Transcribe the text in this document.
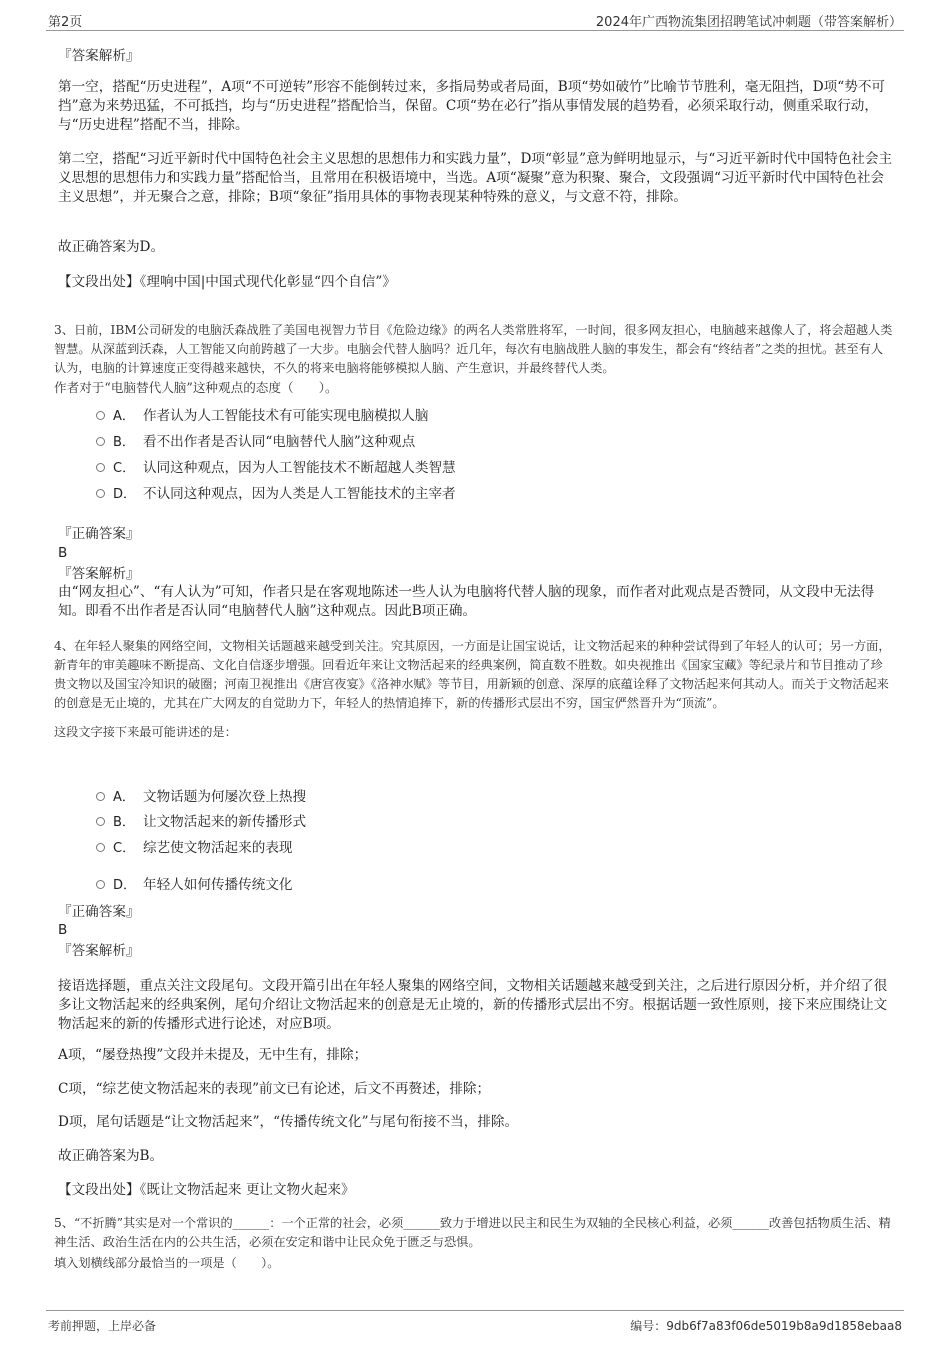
第2页	2024年广西物流集团招聘笔试冲刺题（带答案解析）
『答案解析』

第一空，搭配“历史进程”，A项“不可逆转”形容不能倒转过来，多指局势或者局面，B项“势如破竹”比喻节节胜利，毫无阻挡，D项“势不可挡”意为来势迅猛，不可抵挡，均与“历史进程”搭配恰当，保留。C项“势在必行”指从事情发展的趋势看，必须采取行动，侧重采取行动，与“历史进程”搭配不当，排除。

第二空，搭配“习近平新时代中国特色社会主义思想的思想伟力和实践力量”，D项“彰显”意为鲜明地显示，与“习近平新时代中国特色社会主义思想的思想伟力和实践力量”搭配恰当，且常用在积极语境中，当选。A项“凝聚”意为积聚、聚合，文段强调“习近平新时代中国特色社会主义思想”，并无聚合之意，排除；B项“象征”指用具体的事物表现某种特殊的意义，与文意不符，排除。

故正确答案为D。

【文段出处】《理响中国|中国式现代化彰显“四个自信”》

3、日前，IBM公司研发的电脑沃森战胜了美国电视智力节目《危险边缘》的两名人类常胜将军，一时间，很多网友担心，电脑越来越像人了，将会超越人类智慧。从深蓝到沃森，人工智能又向前跨越了一大步。电脑会代替人脑吗？近几年，每次有电脑战胜人脑的事发生，都会有“终结者”之类的担忧。甚至有人认为，电脑的计算速度正变得越来越快，不久的将来电脑将能够模拟人脑、产生意识，并最终替代人类。

作者对于“电脑替代人脑”这种观点的态度（　　）。

A． 作者认为人工智能技术有可能实现电脑模拟人脑
B． 看不出作者是否认同“电脑替代人脑”这种观点
C． 认同这种观点，因为人工智能技术不断超越人类智慧
D． 不认同这种观点，因为人类是人工智能技术的主宰者
『正确答案』
B
『答案解析』

由“网友担心”、“有人认为”可知，作者只是在客观地陈述一些人认为电脑将代替人脑的现象，而作者对此观点是否赞同，从文段中无法得知。即看不出作者是否认同“电脑替代人脑”这种观点。因此B项正确。

4、在年轻人聚集的网络空间，文物相关话题越来越受到关注。究其原因，一方面是让国宝说话，让文物活起来的种种尝试得到了年轻人的认可；另一方面，新青年的审美趣味不断提高、文化自信逐步增强。回看近年来让文物活起来的经典案例，简直数不胜数。如央视推出《国家宝藏》等纪录片和节目推动了珍贵文物以及国宝冷知识的破圈；河南卫视推出《唐宫夜宴》《洛神水赋》等节目，用新颖的创意、深厚的底蕴诠释了文物活起来何其动人。而关于文物活起来的创意是无止境的，尤其在广大网友的自觉助力下，年轻人的热情追捧下，新的传播形式层出不穷，国宝俨然晋升为“顶流”。

这段文字接下来最可能讲述的是：

A． 文物话题为何屡次登上热搜
B． 让文物活起来的新传播形式
C． 综艺使文物活起来的表现
D． 年轻人如何传播传统文化
『正确答案』
B
『答案解析』

接语选择题，重点关注文段尾句。文段开篇引出在年轻人聚集的网络空间，文物相关话题越来越受到关注，之后进行原因分析，并介绍了很多让文物活起来的经典案例，尾句介绍让文物活起来的创意是无止境的，新的传播形式层出不穷。根据话题一致性原则，接下来应围绕让文物活起来的新的传播形式进行论述，对应B项。

A项，“屡登热搜”文段并未提及，无中生有，排除；

C项，“综艺使文物活起来的表现”前文已有论述，后文不再赘述，排除；

D项，尾句话题是“让文物活起来”，“传播传统文化”与尾句衔接不当，排除。

故正确答案为B。

【文段出处】《既让文物活起来 更让文物火起来》

5、“不折腾”其实是对一个常识的______：一个正常的社会，必须______致力于增进以民主和民生为双轴的全民核心利益，必须______改善包括物质生活、精神生活、政治生活在内的公共生活，必须在安定和谐中让民众免于匮乏与恐惧。

填入划横线部分最恰当的一项是（　　）。

考前押题，上岸必备	编号：9db6f7a83f06de5019b8a9d1858ebaa8
